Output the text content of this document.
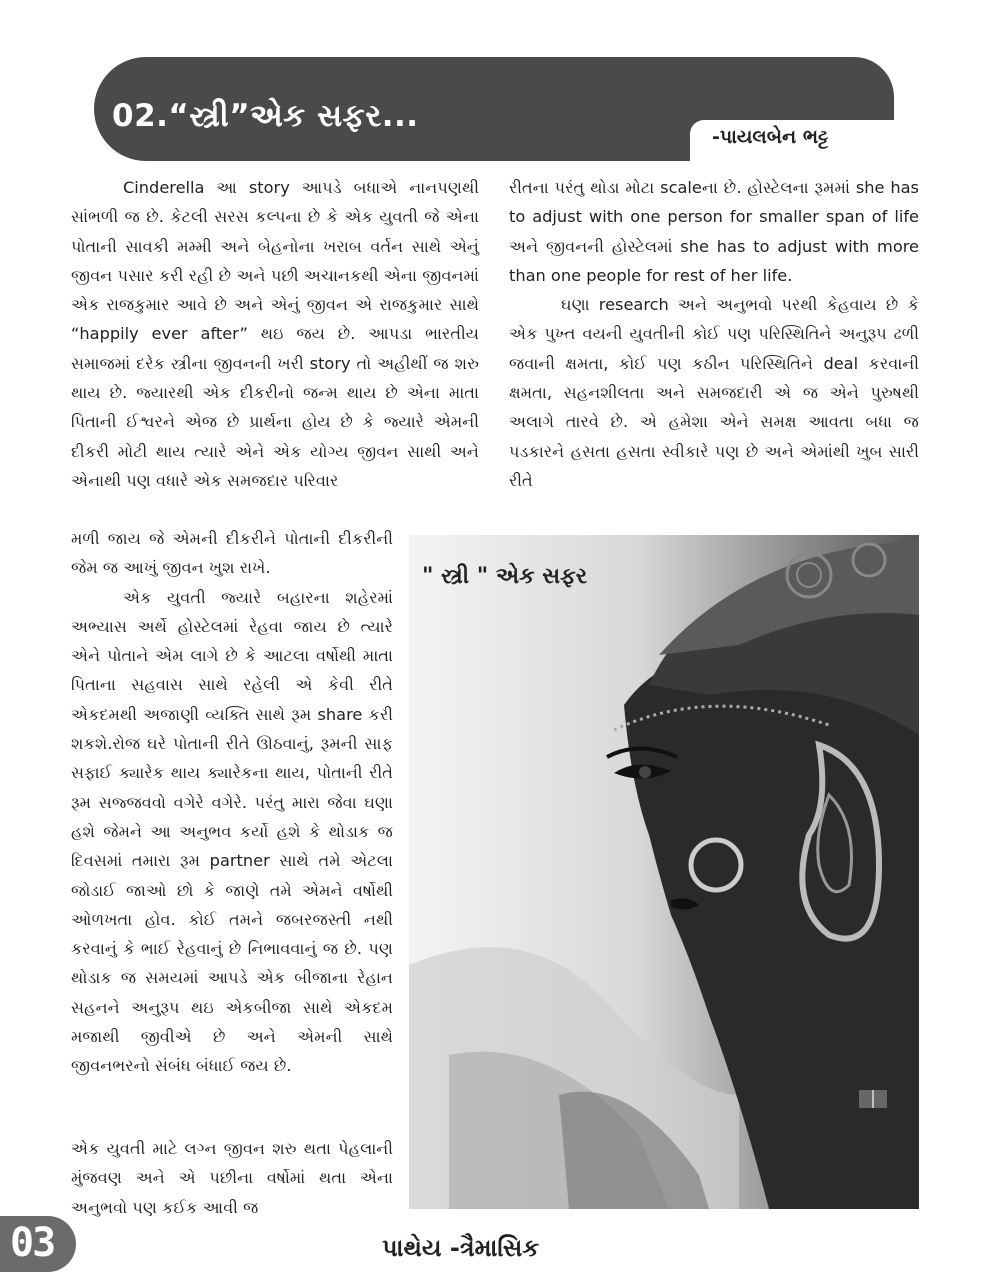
02.“સ્ત્રી”એક સફર...
-પાયલબેન ભટ્ટ

Cinderella આ story આપડે બધાએ નાનપણથી સાંભળી જ છે. કેટલી સરસ કલ્પના છે કે એક યુવતી જે એના પોતાની સાવકી મમ્મી અને બેહનોના ખરાબ વર્તન સાથે એનું જીવન પસાર કરી રહી છે અને પછી અચાનકથી એના જીવનમાં એક રાજકુમાર આવે છે અને એનું જીવન એ રાજકુમાર સાથે “happily ever after” થઇ જય છે. આપડા ભારતીય સમાજમાં દરેક સ્ત્રીના જીવનની ખરી story તો અહીથીં જ શરુ થાય છે. જ્યારથી એક દીકરીનો જન્મ થાય છે એના માતા પિતાની ઈશ્વરને એજ છે પ્રાર્થના હોય છે કે જ્યારે એમની દીકરી મોટી થાય ત્યારે એને એક યોગ્ય જીવન સાથી અને એનાથી પણ વધારે એક સમજદાર પરિવાર

મળી જાય જે એમની દીકરીને પોતાની દીકરીની જેમ જ આખું જીવન ખુશ રાખે.

એક યુવતી જ્યારે બહારના શહેરમાં અભ્યાસ અર્થે હોસ્ટેલમાં રેહવા જાય છે ત્યારે એને પોતાને એમ લાગે છે કે આટલા વર્ષોથી માતા પિતાના સહવાસ સાથે રહેલી એ કેવી રીતે એકદમથી અજાણી વ્યક્તિ સાથે રૂમ share કરી શકશે.રોજ ઘરે પોતાની રીતે ઊઠવાનું, રૂમની સાફ સફાઈ ક્યારેક થાય ક્યારેકના થાય, પોતાની રીતે રૂમ સજ્જવવો વગેરે વગેરે. પરંતુ મારા જેવા ઘણા હશે જેમને આ અનુભવ કર્યો હશે કે થોડાક જ દિવસમાં તમારા રૂમ partner સાથે તમે એટલા જોડાઈ જાઓ છો કે જાણે તમે એમને વર્ષોથી ઓળખતા હોવ. કોઈ તમને જબરજસ્તી નથી કરવાનું કે ભાઈ રેહવાનું છે નિભાવવાનું જ છે. પણ થોડાક જ સમયમાં આપડે એક બીજાના રેહાન સહનને અનુરૂપ થઇ એકબીજા સાથે એકદમ મજાથી જીવીએ છે અને એમની સાથે જીવનભરનો સંબંધ બંધાઈ જય છે.

એક યુવતી માટે લગ્ન જીવન શરુ થતા પેહલાની મુંજવણ અને એ પછીના વર્ષોમાં થતા એના અનુભવો પણ કઈક આવી જ

રીતના પરંતુ થોડા મોટા scaleના છે. હોસ્ટેલના રૂમમાં she has to adjust with one person for smaller span of life અને જીવનની હોસ્ટેલમાં she has to adjust with more than one people for rest of her life.

ઘણા research અને અનુભવો પરથી કેહવાય છે કે એક પુખ્ત વયની યુવતીની કોઈ પણ પરિસ્થિતિને અનુરૂપ ઢળી જવાની ક્ષમતા, કોઈ પણ કઠીન પરિસ્થિતિને deal કરવાની ક્ષમતા, સહનશીલતા અને સમજદારી એ જ એને પુરુષથી અલાગે તારવે છે. એ હમેશા એને સમક્ષ આવતા બધા જ પડકારને હસતા હસતા સ્વીકારે પણ છે અને એમાંથી ખુબ સારી રીતે

" સ્ત્રી " એક સફર
03	પાથેય -ત્રૈમાસિક
